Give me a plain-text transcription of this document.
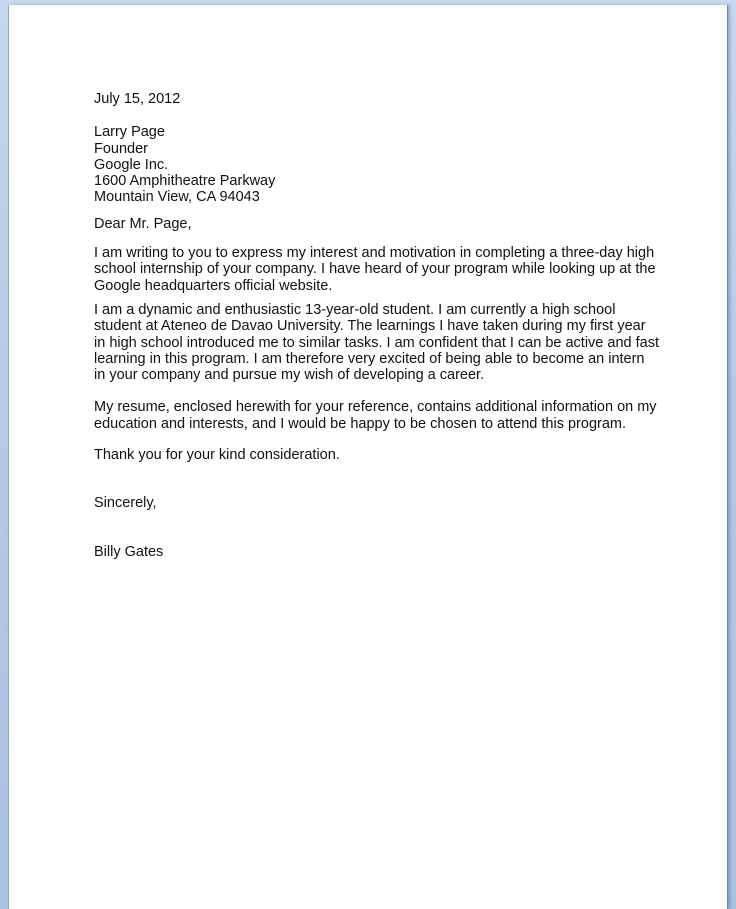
July 15, 2012
Larry Page
Founder
Google Inc.
1600 Amphitheatre Parkway
Mountain View, CA 94043
Dear Mr. Page,
I am writing to you to express my interest and motivation in completing a three-day high
school internship of your company. I have heard of your program while looking up at the
Google headquarters official website.
I am a dynamic and enthusiastic 13-year-old student. I am currently a high school
student at Ateneo de Davao University. The learnings I have taken during my first year
in high school introduced me to similar tasks. I am confident that I can be active and fast
learning in this program. I am therefore very excited of being able to become an intern
in your company and pursue my wish of developing a career.
My resume, enclosed herewith for your reference, contains additional information on my
education and interests, and I would be happy to be chosen to attend this program.
Thank you for your kind consideration.
Sincerely,
Billy Gates
